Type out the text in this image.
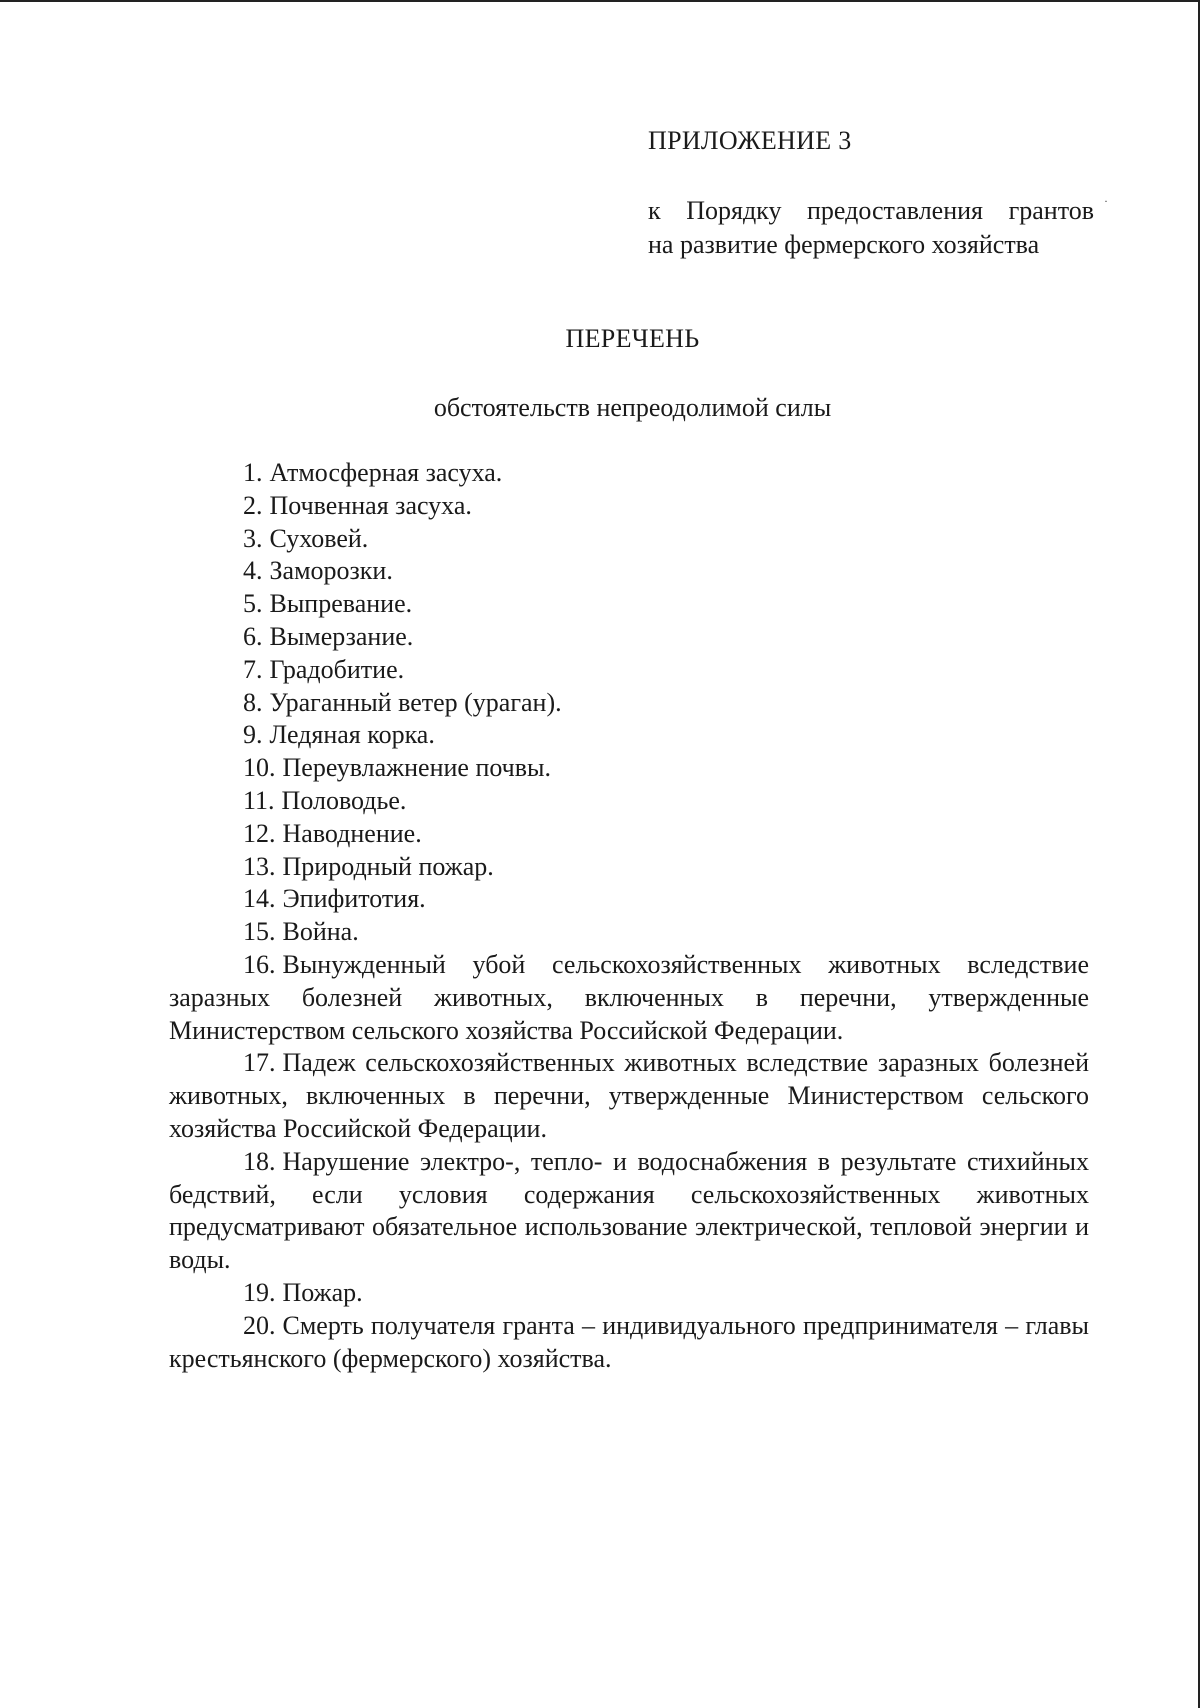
ПРИЛОЖЕНИЕ 3
к Порядку предоставления грантов
на развитие фермерского хозяйства
ПЕРЕЧЕНЬ
обстоятельств непреодолимой силы
1. Атмосферная засуха.
2. Почвенная засуха.
3. Суховей.
4. Заморозки.
5. Выпревание.
6. Вымерзание.
7. Градобитие.
8. Ураганный ветер (ураган).
9. Ледяная корка.
10. Переувлажнение почвы.
11. Половодье.
12. Наводнение.
13. Природный пожар.
14. Эпифитотия.
15. Война.
16. Вынужденный убой сельскохозяйственных животных вследствие заразных болезней животных, включенных в перечни, утвержденные Министерством сельского хозяйства Российской Федерации.
17. Падеж сельскохозяйственных животных вследствие заразных болезней животных, включенных в перечни, утвержденные Министерством сельского хозяйства Российской Федерации.
18. Нарушение электро-, тепло- и водоснабжения в результате стихийных бедствий, если условия содержания сельскохозяйственных животных предусматривают обязательное использование электрической, тепловой энергии и воды.
19. Пожар.
20. Смерть получателя гранта – индивидуального предпринимателя – главы крестьянского (фермерского) хозяйства.
·
